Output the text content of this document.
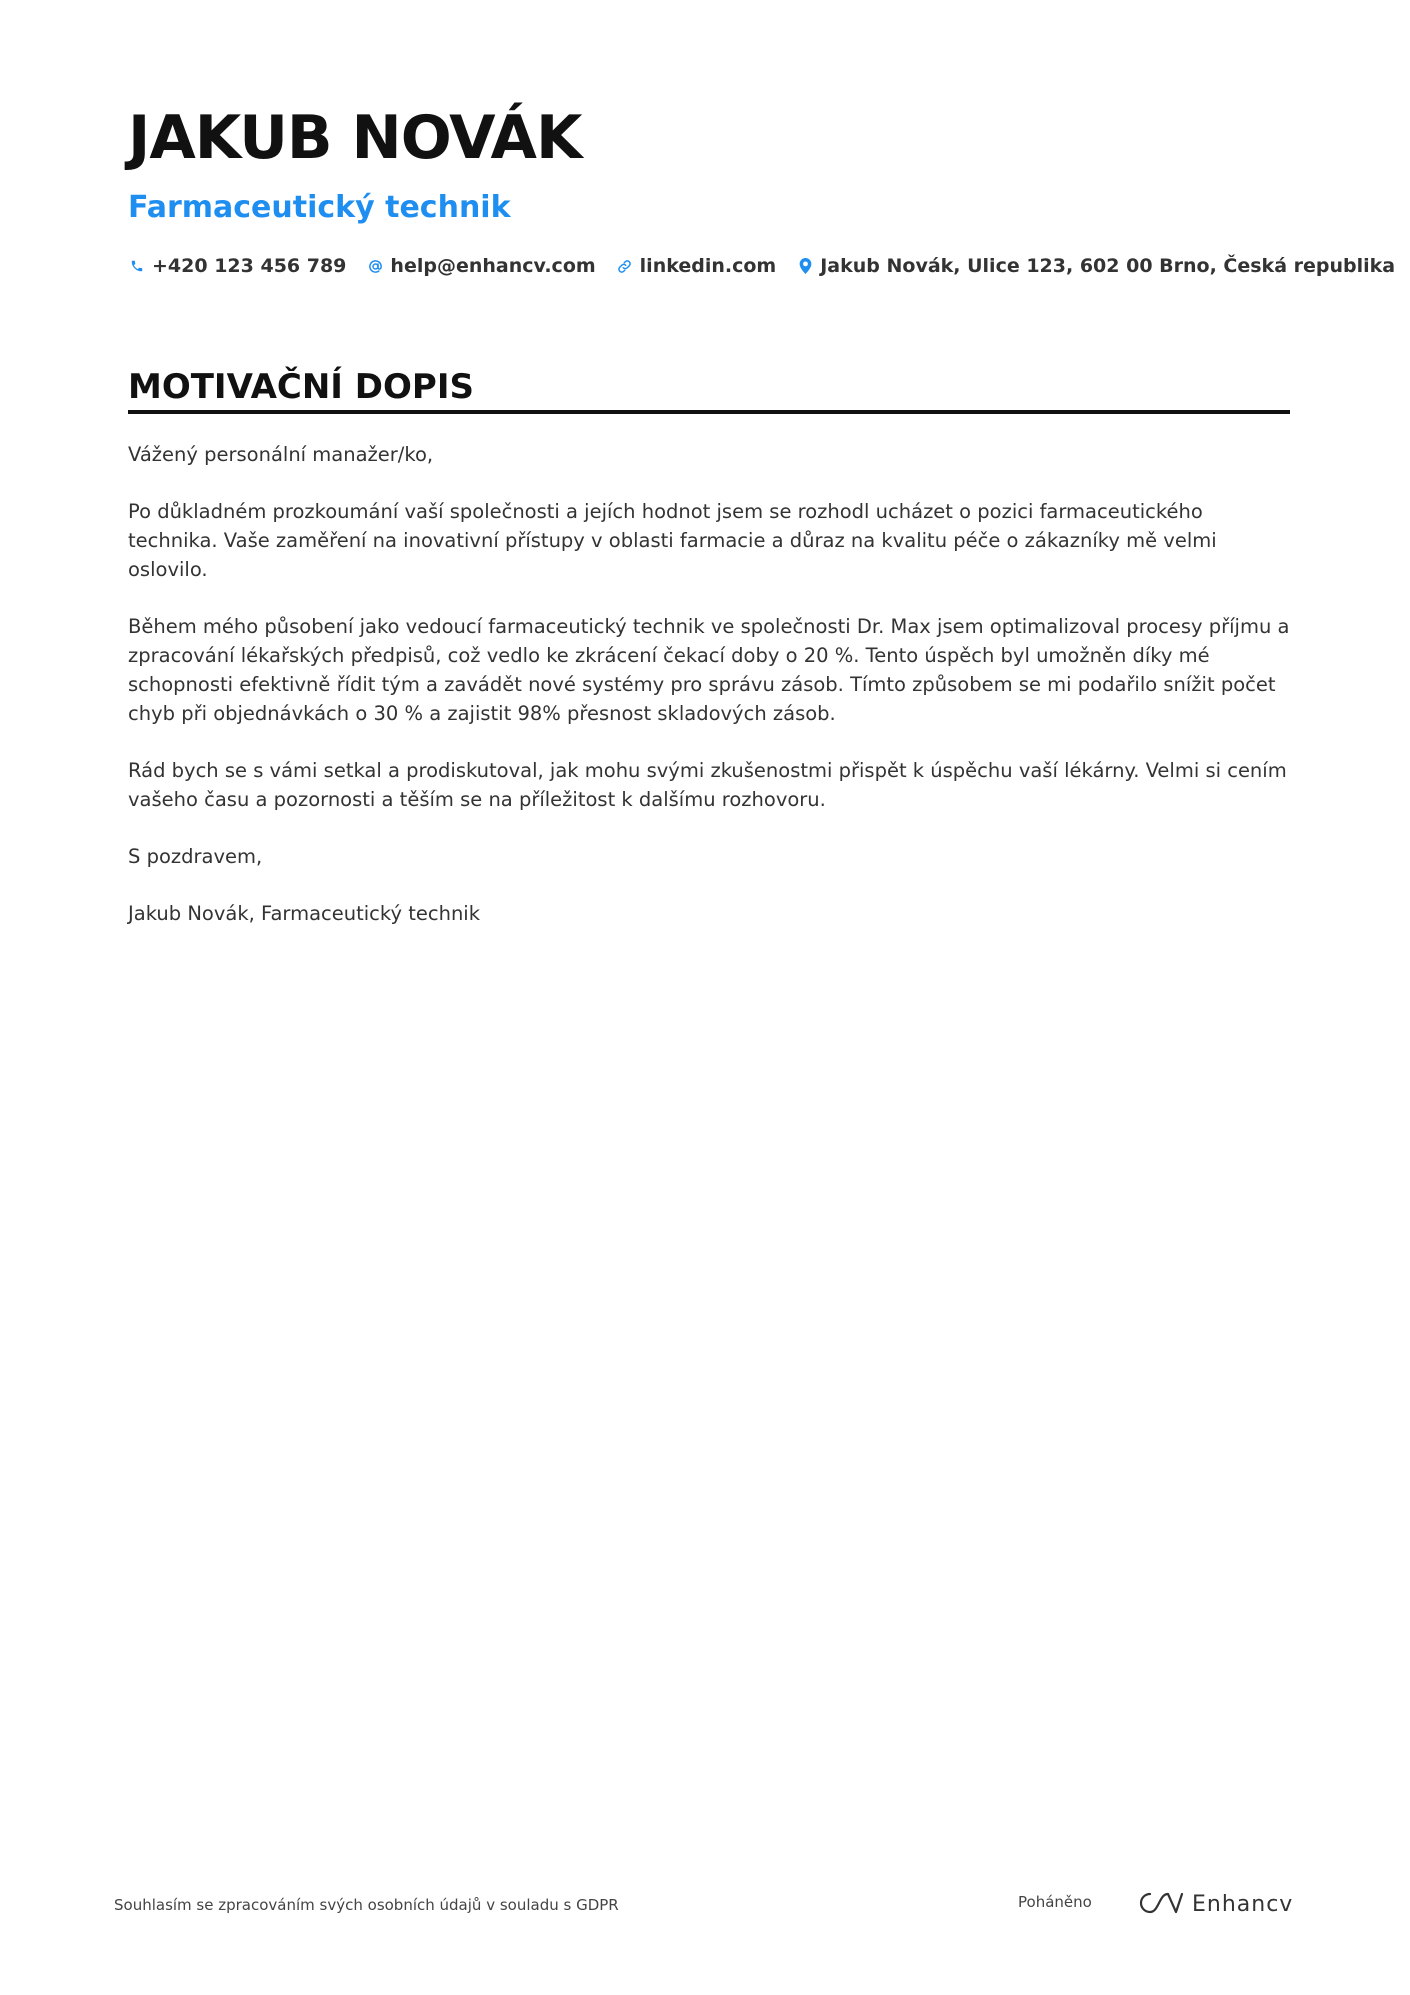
JAKUB NOVÁK
Farmaceutický technik
+420 123 456 789 help@enhancv.com linkedin.com Jakub Novák, Ulice 123, 602 00 Brno, Česká republika
MOTIVAČNÍ DOPIS

Vážený personální manažer/ko,

Po důkladném prozkoumání vaší společnosti a jejích hodnot jsem se rozhodl ucházet o pozici farmaceutického technika. Vaše zaměření na inovativní přístupy v oblasti farmacie a důraz na kvalitu péče o zákazníky mě velmi oslovilo.

Během mého působení jako vedoucí farmaceutický technik ve společnosti Dr. Max jsem optimalizoval procesy příjmu a zpracování lékařských předpisů, což vedlo ke zkrácení čekací doby o 20 %. Tento úspěch byl umožněn díky mé schopnosti efektivně řídit tým a zavádět nové systémy pro správu zásob. Tímto způsobem se mi podařilo snížit počet chyb při objednávkách o 30 % a zajistit 98% přesnost skladových zásob.

Rád bych se s vámi setkal a prodiskutoval, jak mohu svými zkušenostmi přispět k úspěchu vaší lékárny. Velmi si cením vašeho času a pozornosti a těším se na příležitost k dalšímu rozhovoru.

S pozdravem,

Jakub Novák, Farmaceutický technik

Souhlasím se zpracováním svých osobních údajů v souladu s GDPR	Poháněno	Enhancv
